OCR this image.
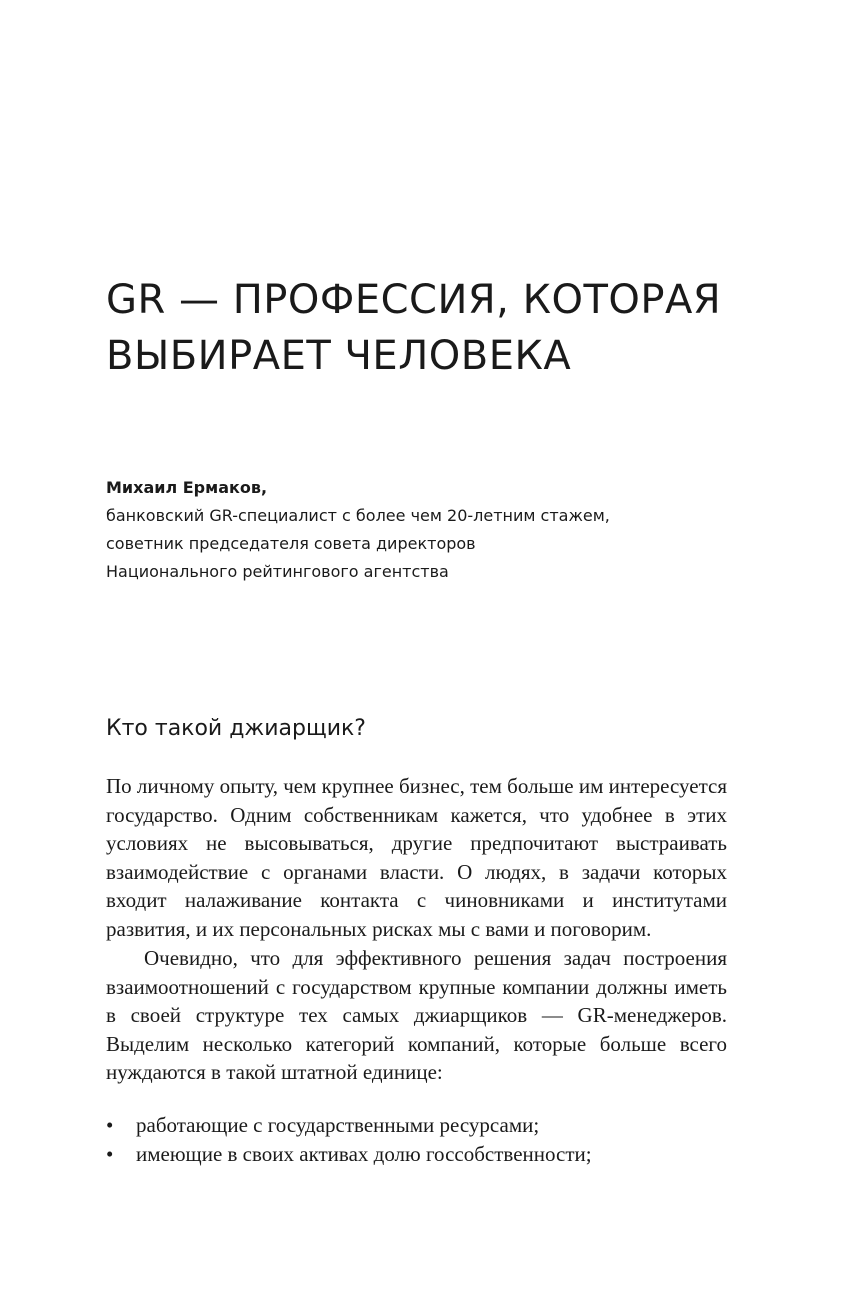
GR — ПРОФЕССИЯ, КОТОРАЯ
ВЫБИРАЕТ ЧЕЛОВЕКА
Михаил Ермаков,
банковский GR-специалист с более чем 20-летним стажем,
советник председателя совета директоров
Национального рейтингового агентства
Кто такой джиарщик?

По личному опыту, чем крупнее бизнес, тем больше им интересуется государство. Одним собственникам кажется, что удобнее в этих условиях не высовываться, другие предпочитают выстраивать взаимодействие с органами власти. О людях, в задачи которых входит налаживание контакта с чиновниками и институтами развития, и их персональных рисках мы с вами и поговорим.

Очевидно, что для эффективного решения задач построения взаимоотношений с государством крупные компании должны иметь в своей структуре тех самых джиарщиков — GR-менеджеров. Выделим несколько категорий компаний, которые больше всего нуждаются в такой штатной единице:

• работающие с государственными ресурсами;
• имеющие в своих активах долю госсобственности;
